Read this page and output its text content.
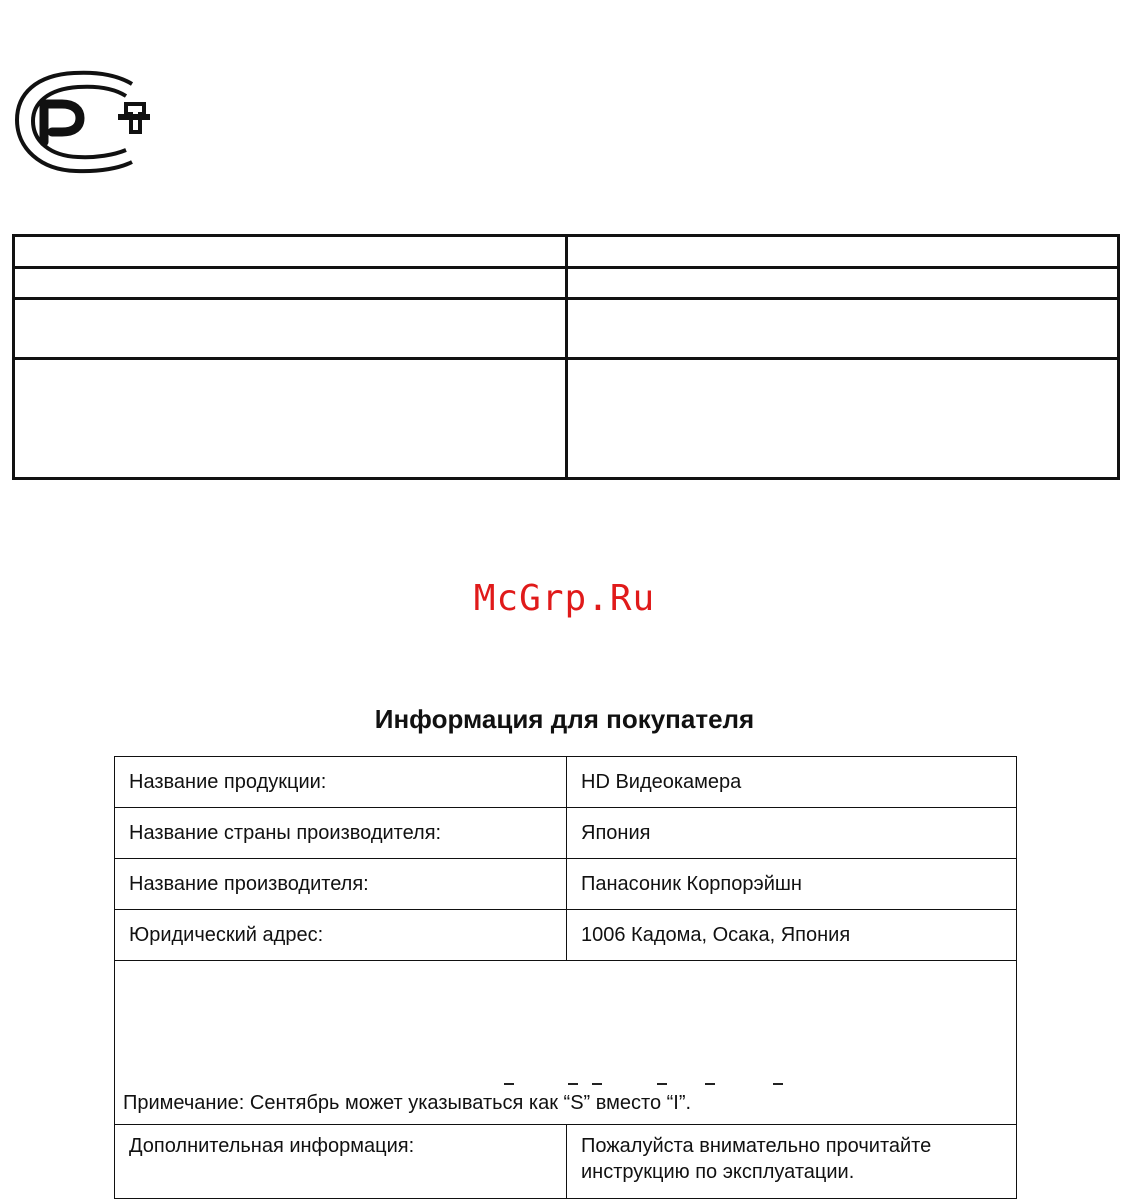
McGrp.Ru
Информация для покупателя
Название продукции:	HD Видеокамера
Название страны производителя:	Япония
Название производителя:	Панасоник Корпорэйшн
Юридический адрес:	1006 Кадома, Осака, Япония
Примечание: Сентябрь может указываться как “S” вместо “I”.	
Дополнительная информация:	Пожалуйста внимательно прочитайте инструкцию по эксплуатации.
